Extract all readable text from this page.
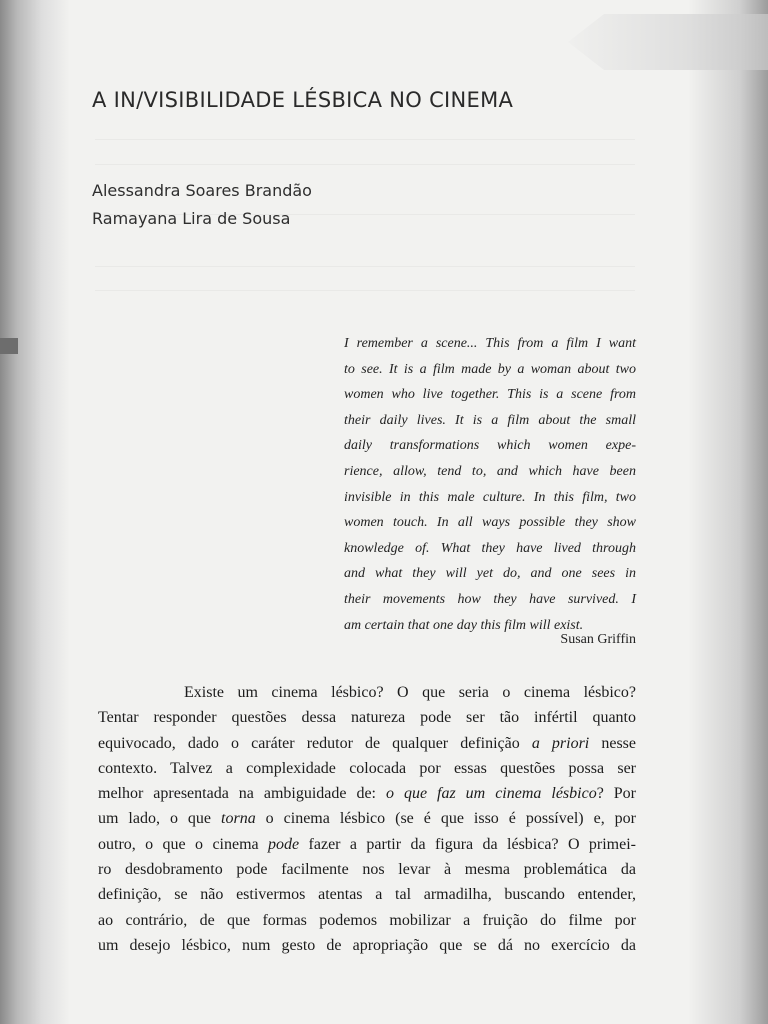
A IN/VISIBILIDADE LÉSBICA NO CINEMA
Alessandra Soares Brandão
Ramayana Lira de Sousa
I remember a scene... This from a film I want
to see. It is a film made by a woman about two
women who live together. This is a scene from
their daily lives. It is a film about the small
daily transformations which women expe-
rience, allow, tend to, and which have been
invisible in this male culture. In this film, two
women touch. In all ways possible they show
knowledge of. What they have lived through
and what they will yet do, and one sees in
their movements how they have survived. I
am certain that one day this film will exist.
Susan Griffin
Existe um cinema lésbico? O que seria o cinema lésbico?
Tentar responder questões dessa natureza pode ser tão infértil quanto
equivocado, dado o caráter redutor de qualquer definição a priori nesse
contexto. Talvez a complexidade colocada por essas questões possa ser
melhor apresentada na ambiguidade de: o que faz um cinema lésbico? Por
um lado, o que torna o cinema lésbico (se é que isso é possível) e, por
outro, o que o cinema pode fazer a partir da figura da lésbica? O primei-
ro desdobramento pode facilmente nos levar à mesma problemática da
definição, se não estivermos atentas a tal armadilha, buscando entender,
ao contrário, de que formas podemos mobilizar a fruição do filme por
um desejo lésbico, num gesto de apropriação que se dá no exercício da
